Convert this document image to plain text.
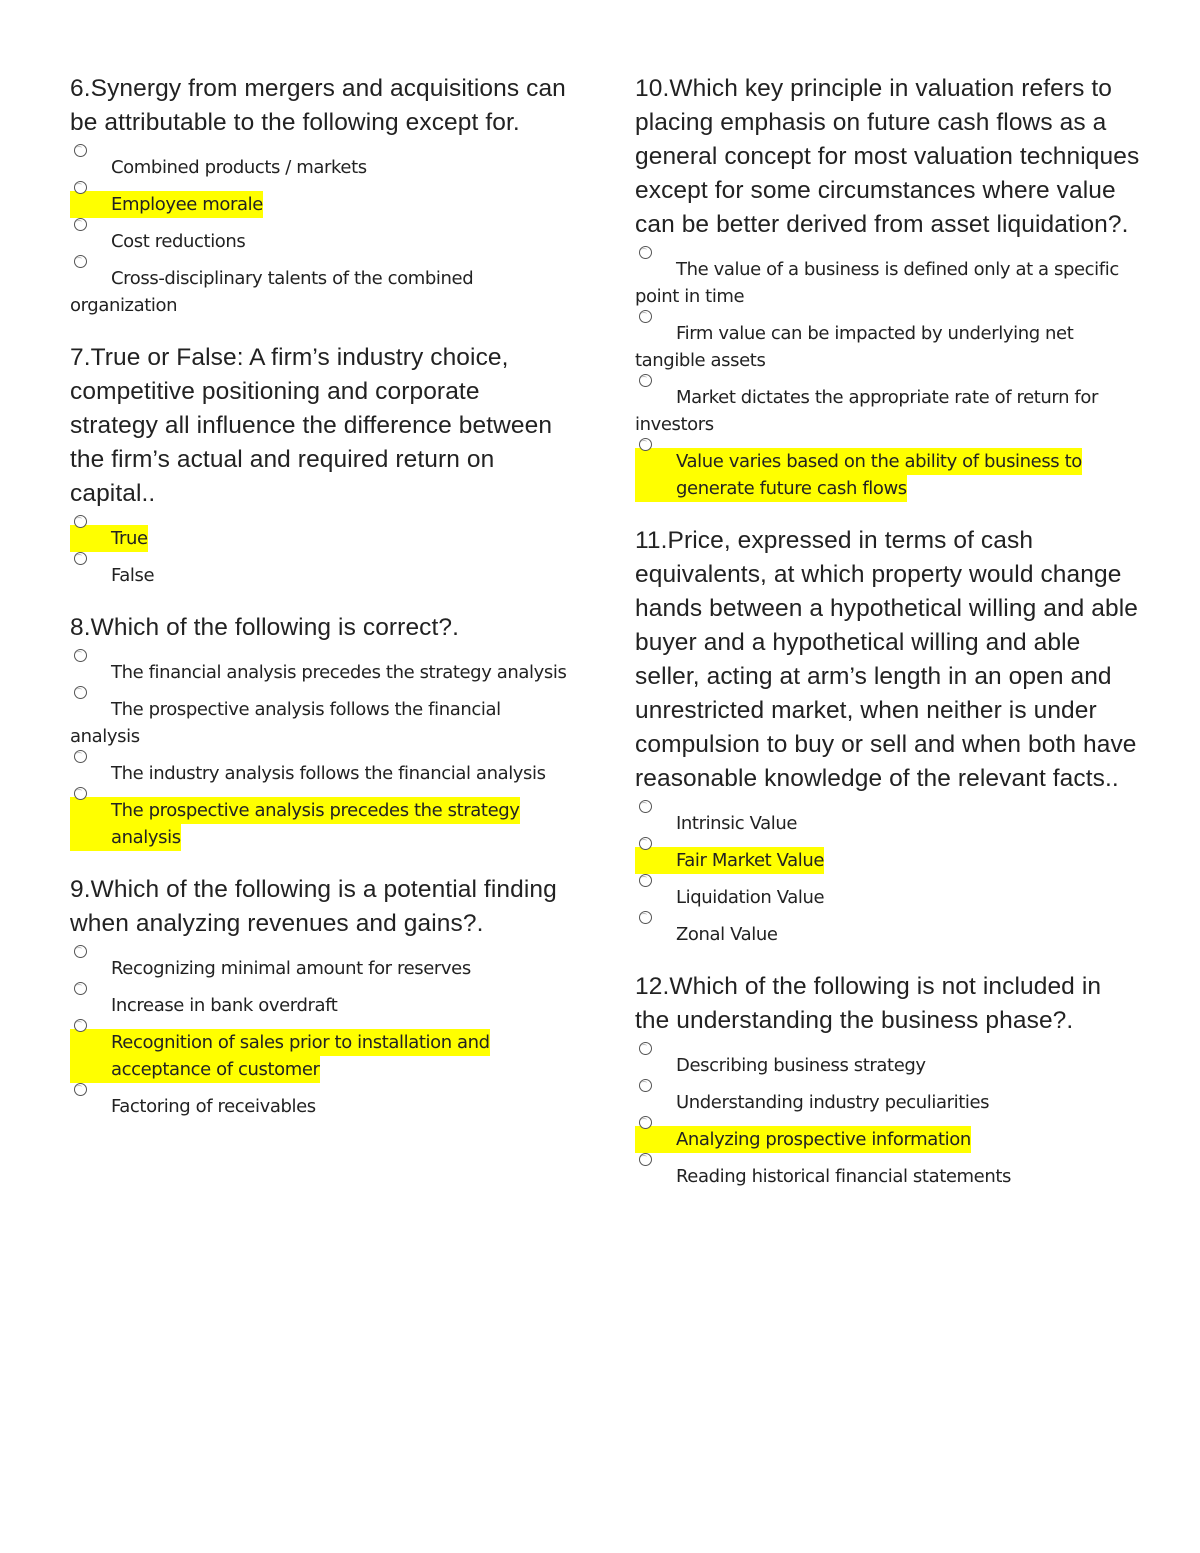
6.Synergy from mergers and acquisitions can be attributable to the following except for.

Combined products / markets
Employee morale
Cost reductions
Cross-disciplinary talents of the combined organization

7.True or False: A firm’s industry choice, competitive positioning and corporate strategy all influence the difference between the firm’s actual and required return on capital..

True
False

8.Which of the following is correct?.

The financial analysis precedes the strategy analysis
The prospective analysis follows the financial analysis
The industry analysis follows the financial analysis
The prospective analysis precedes the strategy analysis

9.Which of the following is a potential finding when analyzing revenues and gains?.

Recognizing minimal amount for reserves
Increase in bank overdraft
Recognition of sales prior to installation and acceptance of customer
Factoring of receivables

10.Which key principle in valuation refers to placing emphasis on future cash flows as a general concept for most valuation techniques except for some circumstances where value can be better derived from asset liquidation?.

The value of a business is defined only at a specific point in time
Firm value can be impacted by underlying net tangible assets
Market dictates the appropriate rate of return for investors
Value varies based on the ability of business to generate future cash flows

11.Price, expressed in terms of cash equivalents, at which property would change hands between a hypothetical willing and able buyer and a hypothetical willing and able seller, acting at arm’s length in an open and unrestricted market, when neither is under compulsion to buy or sell and when both have reasonable knowledge of the relevant facts..

Intrinsic Value
Fair Market Value
Liquidation Value
Zonal Value

12.Which of the following is not included in the understanding the business phase?.

Describing business strategy
Understanding industry peculiarities
Analyzing prospective information
Reading historical financial statements
